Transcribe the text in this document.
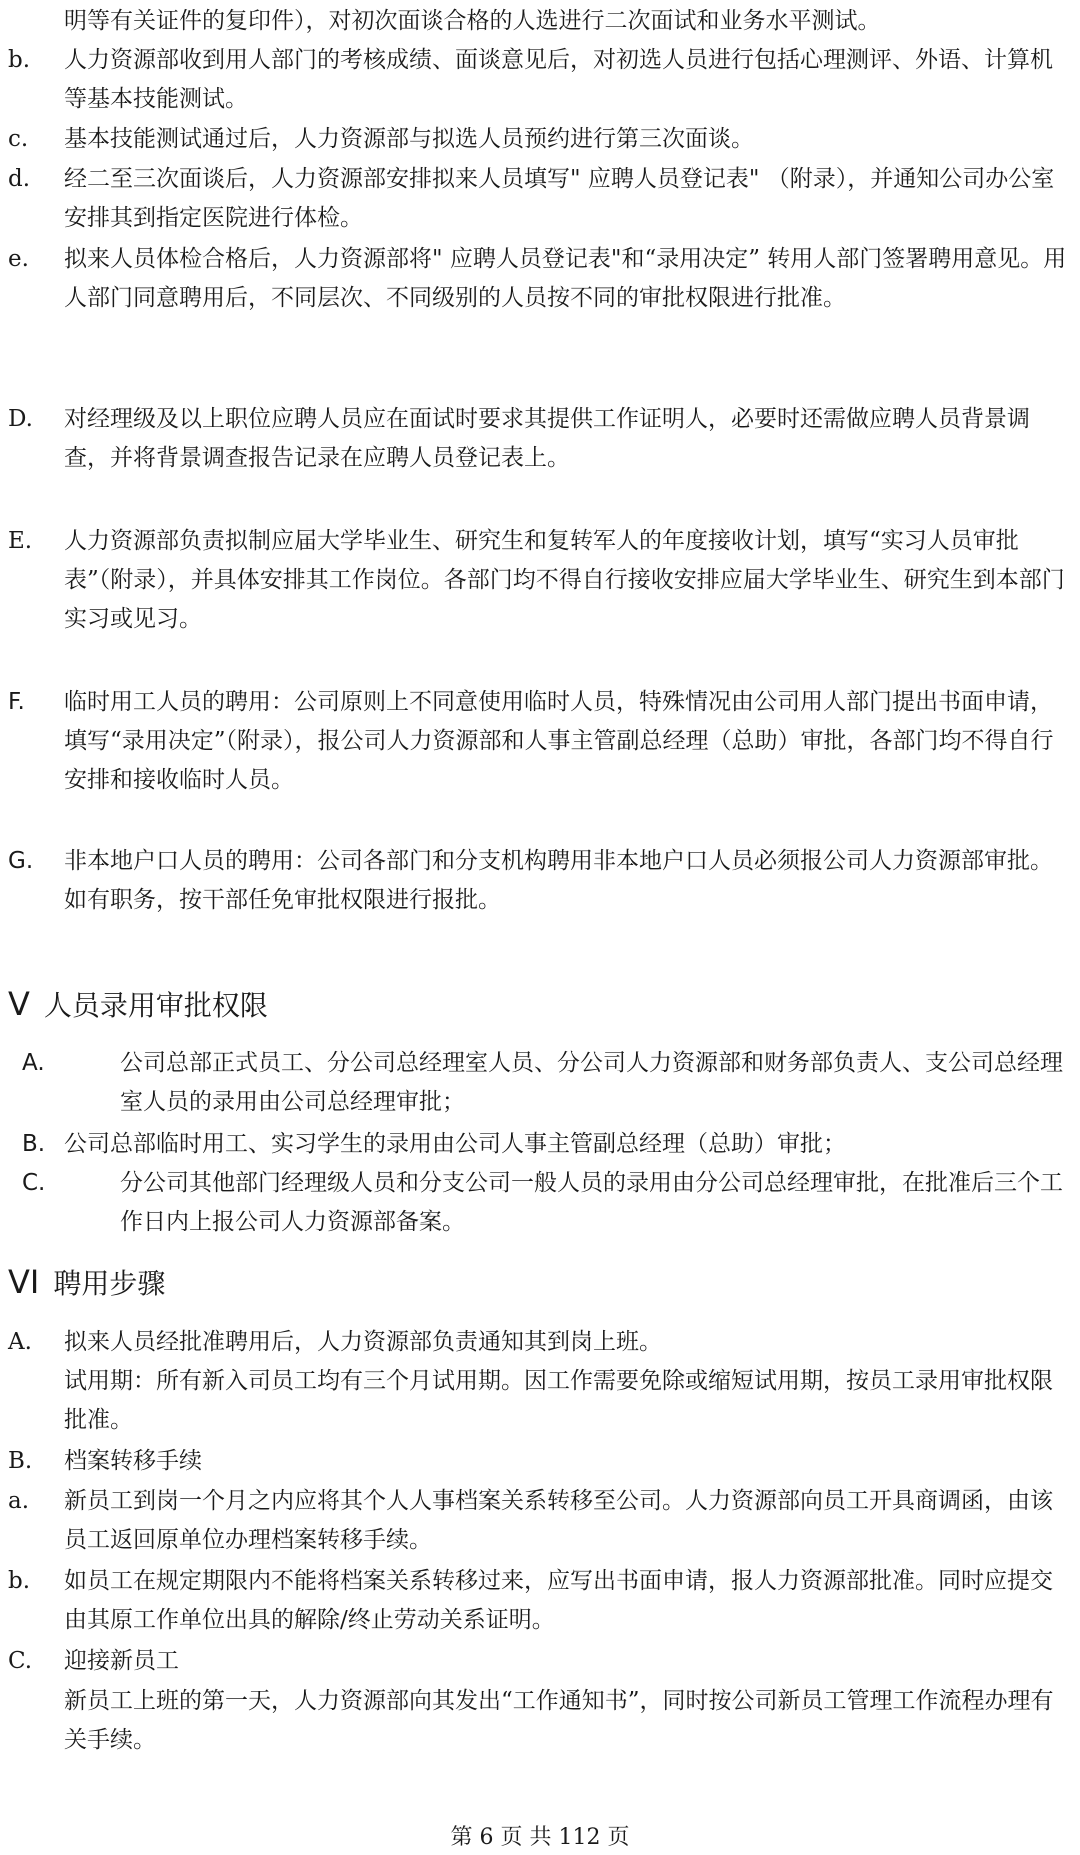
明等有关证件的复印件），对初次面谈合格的人选进行二次面试和业务水平测试。
b. 人力资源部收到用人部门的考核成绩、面谈意见后，对初选人员进行包括心理测评、外语、计算机等基本技能测试。
c. 基本技能测试通过后，人力资源部与拟选人员预约进行第三次面谈。
d. 经二至三次面谈后，人力资源部安排拟来人员填写" 应聘人员登记表" （附录），并通知公司办公室安排其到指定医院进行体检。
e. 拟来人员体检合格后，人力资源部将" 应聘人员登记表"和“录用决定” 转用人部门签署聘用意见。用人部门同意聘用后，不同层次、不同级别的人员按不同的审批权限进行批准。
D. 对经理级及以上职位应聘人员应在面试时要求其提供工作证明人，必要时还需做应聘人员背景调查，并将背景调查报告记录在应聘人员登记表上。
E. 人力资源部负责拟制应届大学毕业生、研究生和复转军人的年度接收计划，填写“实习人员审批表”（附录），并具体安排其工作岗位。各部门均不得自行接收安排应届大学毕业生、研究生到本部门实习或见习。
F. 临时用工人员的聘用：公司原则上不同意使用临时人员，特殊情况由公司用人部门提出书面申请，填写“录用决定”（附录），报公司人力资源部和人事主管副总经理（总助）审批，各部门均不得自行安排和接收临时人员。
G. 非本地户口人员的聘用：公司各部门和分支机构聘用非本地户口人员必须报公司人力资源部审批。如有职务，按干部任免审批权限进行报批。
V 人员录用审批权限
A.	公司总部正式员工、分公司总经理室人员、分公司人力资源部和财务部负责人、支公司总经理室人员的录用由公司总经理审批；
B. 公司总部临时用工、实习学生的录用由公司人事主管副总经理（总助）审批；
C.	分公司其他部门经理级人员和分支公司一般人员的录用由分公司总经理审批，在批准后三个工作日内上报公司人力资源部备案。
VI 聘用步骤
A. 拟来人员经批准聘用后，人力资源部负责通知其到岗上班。
试用期：所有新入司员工均有三个月试用期。因工作需要免除或缩短试用期，按员工录用审批权限批准。
B. 档案转移手续
a. 新员工到岗一个月之内应将其个人人事档案关系转移至公司。人力资源部向员工开具商调函，由该员工返回原单位办理档案转移手续。
b. 如员工在规定期限内不能将档案关系转移过来，应写出书面申请，报人力资源部批准。同时应提交由其原工作单位出具的解除/终止劳动关系证明。
C. 迎接新员工
新员工上班的第一天，人力资源部向其发出“工作通知书”，同时按公司新员工管理工作流程办理有关手续。
第 6 页 共 112 页
